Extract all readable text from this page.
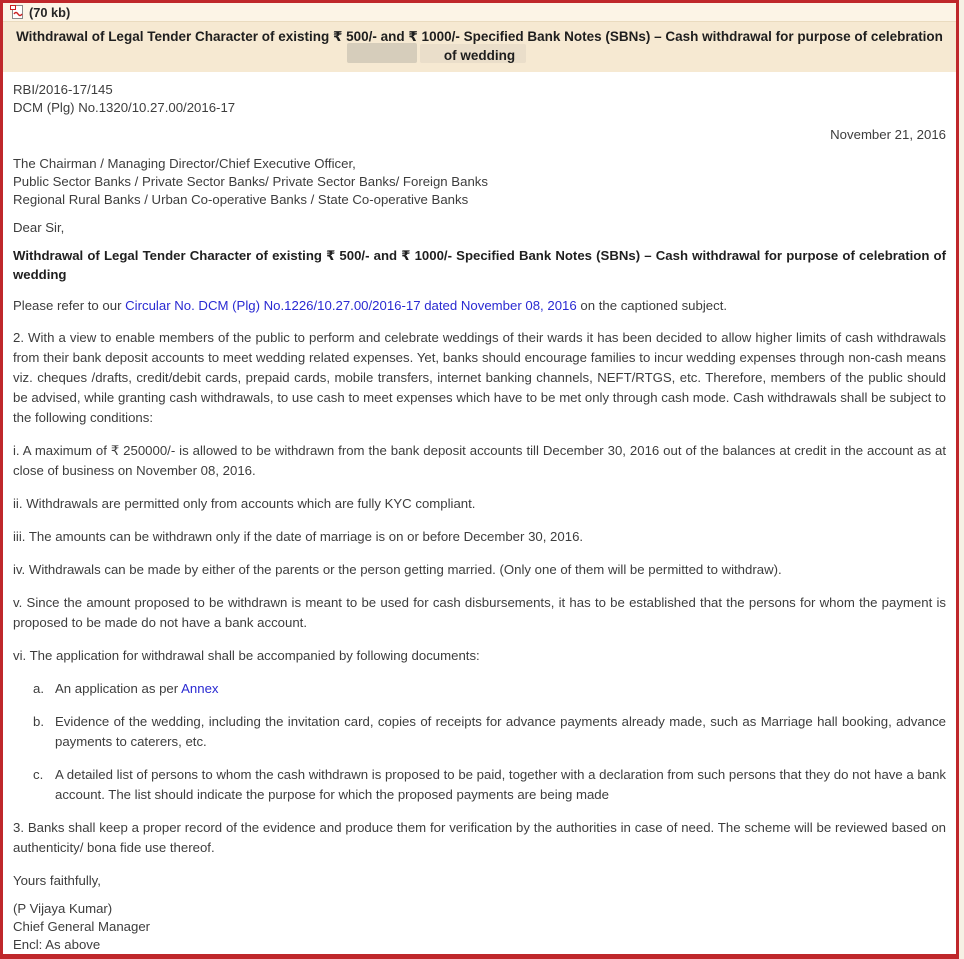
(70 kb)
Withdrawal of Legal Tender Character of existing ₹ 500/- and ₹ 1000/- Specified Bank Notes (SBNs) – Cash withdrawal for purpose of celebration of wedding
RBI/2016-17/145
DCM (Plg) No.1320/10.27.00/2016-17
November 21, 2016
The Chairman / Managing Director/Chief Executive Officer,
Public Sector Banks / Private Sector Banks/ Private Sector Banks/ Foreign Banks
Regional Rural Banks / Urban Co-operative Banks / State Co-operative Banks
Dear Sir,
Withdrawal of Legal Tender Character of existing ₹ 500/- and ₹ 1000/- Specified Bank Notes (SBNs) – Cash withdrawal for purpose of celebration of wedding
Please refer to our Circular No. DCM (Plg) No.1226/10.27.00/2016-17 dated November 08, 2016 on the captioned subject.
2. With a view to enable members of the public to perform and celebrate weddings of their wards it has been decided to allow higher limits of cash withdrawals from their bank deposit accounts to meet wedding related expenses. Yet, banks should encourage families to incur wedding expenses through non-cash means viz. cheques /drafts, credit/debit cards, prepaid cards, mobile transfers, internet banking channels, NEFT/RTGS, etc. Therefore, members of the public should be advised, while granting cash withdrawals, to use cash to meet expenses which have to be met only through cash mode. Cash withdrawals shall be subject to the following conditions:
i. A maximum of ₹ 250000/- is allowed to be withdrawn from the bank deposit accounts till December 30, 2016 out of the balances at credit in the account as at close of business on November 08, 2016.
ii. Withdrawals are permitted only from accounts which are fully KYC compliant.
iii. The amounts can be withdrawn only if the date of marriage is on or before December 30, 2016.
iv. Withdrawals can be made by either of the parents or the person getting married. (Only one of them will be permitted to withdraw).
v. Since the amount proposed to be withdrawn is meant to be used for cash disbursements, it has to be established that the persons for whom the payment is proposed to be made do not have a bank account.
vi. The application for withdrawal shall be accompanied by following documents:
a. An application as per Annex
b. Evidence of the wedding, including the invitation card, copies of receipts for advance payments already made, such as Marriage hall booking, advance payments to caterers, etc.
c. A detailed list of persons to whom the cash withdrawn is proposed to be paid, together with a declaration from such persons that they do not have a bank account. The list should indicate the purpose for which the proposed payments are being made
3. Banks shall keep a proper record of the evidence and produce them for verification by the authorities in case of need. The scheme will be reviewed based on authenticity/ bona fide use thereof.
Yours faithfully,
(P Vijaya Kumar)
Chief General Manager
Encl: As above
